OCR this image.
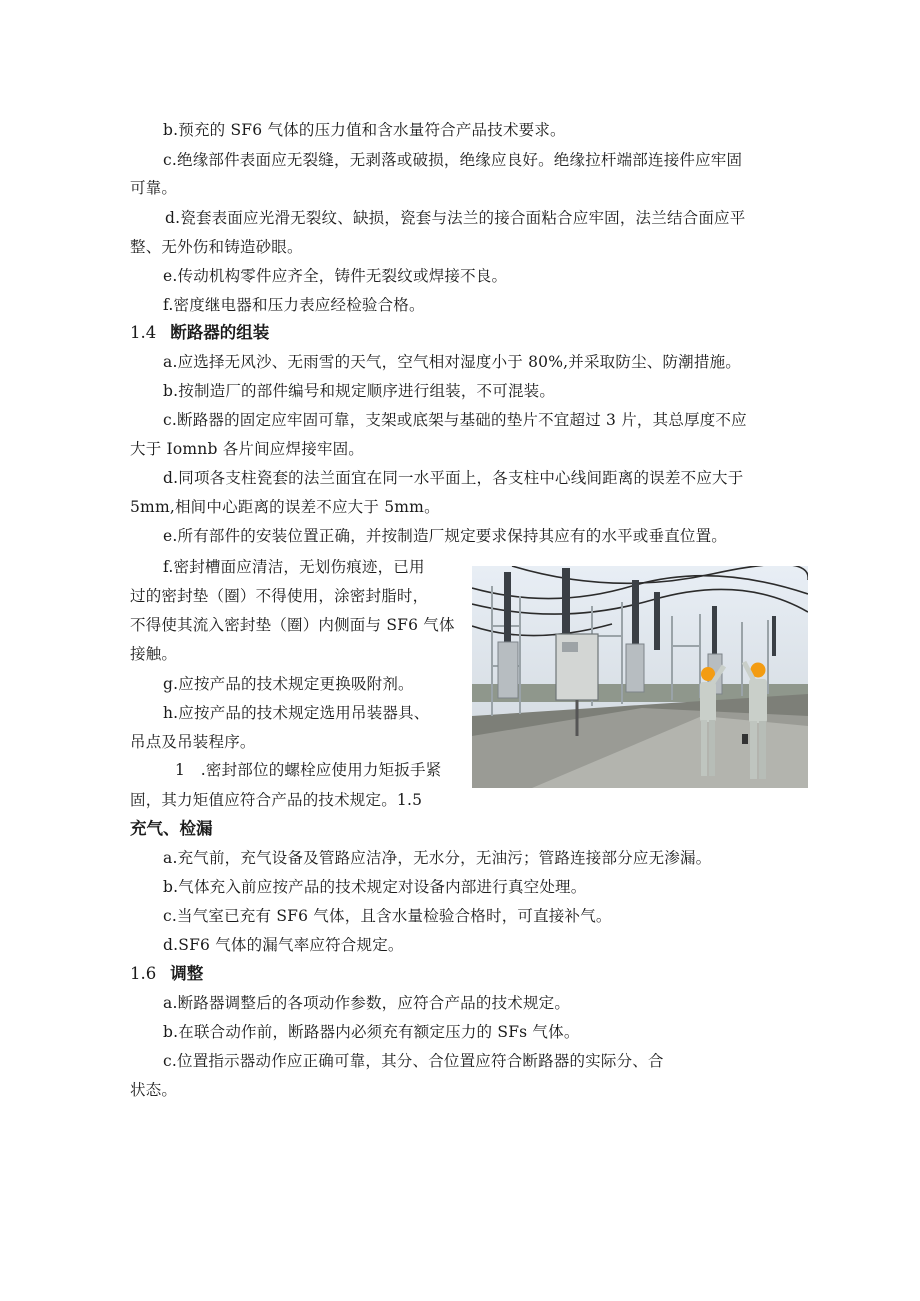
b.预充的 SF6 气体的压力值和含水量符合产品技术要求。
c.绝缘部件表面应无裂缝，无剥落或破损，绝缘应良好。绝缘拉杆端部连接件应牢固
可靠。
d.瓷套表面应光滑无裂纹、缺损，瓷套与法兰的接合面粘合应牢固，法兰结合面应平
整、无外伤和铸造砂眼。
e.传动机构零件应齐全，铸件无裂纹或焊接不良。
f.密度继电器和压力表应经检验合格。
1.4 断路器的组装
a.应选择无风沙、无雨雪的天气，空气相对湿度小于 80%,并采取防尘、防潮措施。
b.按制造厂的部件编号和规定顺序进行组装，不可混装。
c.断路器的固定应牢固可靠，支架或底架与基础的垫片不宜超过 3 片，其总厚度不应
大于 Iomnb 各片间应焊接牢固。
d.同项各支柱瓷套的法兰面宜在同一水平面上，各支柱中心线间距离的误差不应大于
5mm,相间中心距离的误差不应大于 5mm。
e.所有部件的安装位置正确，并按制造厂规定要求保持其应有的水平或垂直位置。
f.密封槽面应清洁，无划伤痕迹，已用
过的密封垫（圈）不得使用，涂密封脂时，
不得使其流入密封垫（圈）内侧面与 SF6 气体
接触。
g.应按产品的技术规定更换吸附剂。
h.应按产品的技术规定选用吊装器具、
吊点及吊装程序。
1　.密封部位的螺栓应使用力矩扳手紧
固，其力矩值应符合产品的技术规定。1.5
充气、检漏
a.充气前，充气设备及管路应洁净，无水分，无油污；管路连接部分应无渗漏。
b.气体充入前应按产品的技术规定对设备内部进行真空处理。
c.当气室已充有 SF6 气体，且含水量检验合格时，可直接补气。
d.SF6 气体的漏气率应符合规定。
1.6 调整
a.断路器调整后的各项动作参数，应符合产品的技术规定。
b.在联合动作前，断路器内必须充有额定压力的 SFs 气体。
c.位置指示器动作应正确可靠，其分、合位置应符合断路器的实际分、合
状态。
